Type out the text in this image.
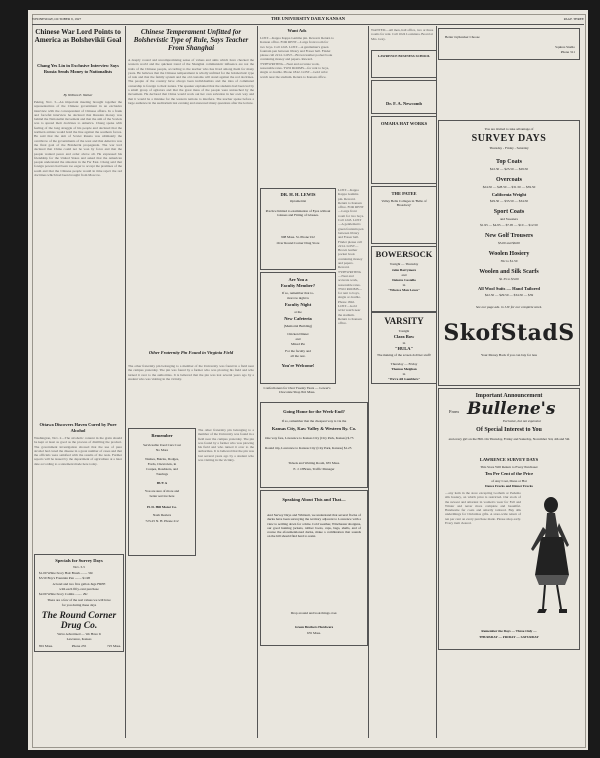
WEDNESDAY, OCTOBER 9, 1927	THE UNIVERSITY DAILY KANSAN	PAGE THREE
Chinese War Lord Points to America as Bolshevikii Goal
Chang Yes Lin in Exclusive Interview Says Russia Sends Money to Nationalists
By William E. Walker
Peking, Nov. 3—An important meeting brought together the representatives of the Chinese government in an exclusive interview with the correspondent of Chinese affairs. In a frank and forceful interview he declared that Russian money was behind the Nationalist movement and that the aim of the Soviets was to spread their doctrines to America. Chang spoke with feeling of the long struggle of his people and declared that the northern armies would hold the line against the southern forces. He said that the aim of Soviet Russia was ultimately the overthrow of the governments of the west and that America was the final goal of the Bolshevik propaganda. The war lord declared that China could not be won by force and that the people wanted peace and order above all. He expressed his friendship for the United States and asked that the American people understand the situation in the Far East. Chang said that foreign powers had been too eager to accept the promises of the south and that the Chinese people would in time reject the red doctrines which had been brought from Moscow.
Ottawa Discovers Haven Cured by Pure Alcohol
Washington, Nov. 2—The alcoholic content in the grain should be kept at least as good as the process of distilling the product. The government investigation showed that the use of pure alcohol had cured the disease in a great number of cases and that the officials were satisfied with the results of the tests. Further reports will be issued by the department of agriculture at a later date according to a statement made here today.
Specials for Survey Days
Nov. 3-5
$1.00 White Ivory Hair Brush ........ 59c
$3.50 Boy's Fountain Pen ........ $1.98
A bond and two five gallon Jugs FREE
with each fifty-cent purchase
$2.00 White Ivory Combs ........ 29c
There are a few of the real values we will have
for you during these days
The Round Corner Drug Co.
We're Advertised — We Have It
Lawrence, Kansas
801 Mass.	Phone 235	725 Mass.
Chinese Temperament Unfitted for Bolshevistic Type of Rule, Says Teacher From Shanghai
A deeply rooted and uncompromising sense of values and aims which have checked the western world and the quickest trend of the Shanghai communistic influence are not the traits of the Chinese people, according to the teacher who has lived among them for many years. He believes that the Chinese temperament is wholly unfitted for the bolshevistic type of rule and that the family system and the old customs will stand against the red doctrines. The people of the country have always been individualists and the idea of communal ownership is foreign to their nature. The speaker explained that the students had been led by a small group of agitators and that the great mass of the people were untouched by the movement. He declared that China would work out her own salvation in her own way and that it would be a mistake for the western nations to interfere. The teacher spoke before a large audience in the auditorium last evening and answered many questions after the lecture.
Other Fraternity Pin Found in Virginia Field
The other fraternity pin belonging to a member of the University was found in a field near the campus yesterday. The pin was found by a farmer who was plowing his field and who turned it over to the authorities. It is believed that the pin was lost several years ago by a student who was visiting in the vicinity.
Remember
Serviceable Used Cars Cost
No More
Nashes, Buicks, Dodges,
Fords, Chevrolets, in
Coupes, Roadsters, and
Tourings
BUY A
You are sure of more and
better service here
H. D. Hill Motor Co.
Nash Dealers
723-25 N. H. Phone 212
The other fraternity pin belonging to a member of the University was found in a field near the campus yesterday. The pin was found by a farmer who was plowing his field and who turned it over to the authorities. It is believed that the pin was lost several years ago by a student who was visiting in the vicinity.
Want Ads
LOST—Kappa Kappa Gamma pin. Reward. Return to Kansan office. FOR RENT—Large front room for two boys. Call 1243. LOST—A gentleman's green fountain pen between library and Fraser hall. Finder please call 2214. LOST—Brown leather pocket book containing money and papers. Reward. TYPEWRITING—Neat and accurate work, reasonable rates. TWO ROOMS—for rent to boys, single or double. Phone 1842. LOST—Gold wrist watch near the stadium. Return to Kansan office.
DR. H. H. LEWIS
Optometrist
Practice limited to examination of Eyes without Glasses and Fitting of Glasses.
908 Mass. St. Phone 912
Over Round Corner Drug Store
Are You a
Faculty Member?
If so, remember that to-
morrow night is
Faculty Night
at the
New Cafeteria
(Memorial Building)
Chicken Dinner
and
Mixed Pie
For the faculty and
all the rest.
You're Welcome!
Confectioners for Over Twenty Years — Gower's Chocolate Shop 841 Mass.
LOST—Kappa Kappa Gamma pin. Reward. Return to Kansan office. FOR RENT—Large front room for two boys. Call 1243. LOST—A gentleman's green fountain pen between library and Fraser hall. Finder please call 2214. LOST—Brown leather pocket book containing money and papers. Reward. TYPEWRITING—Neat and accurate work, reasonable rates. TWO ROOMS—for rent to boys, single or double. Phone 1842. LOST—Gold wrist watch near the stadium. Return to Kansan office.
Going Home for the Week-End?
If so, remember that the cheapest way is via the
Kansas City, Kaw Valley & Western Ry. Co.
One way fare, Lawrence to Kansas City (City Park, Kansas) $.73
Round trip, Lawrence to Kansas City (City Park, Kansas) $1.25
Tickets and Waiting Room, 635 Mass.
E. J. O'Brien, Traffic Manager
Speaking About This and That—
And Survey Days and Whitsuit, we understand that several flocks of ducks have been surveying the territory adjacent to Lawrence with a view to settling down for a time. Cold weather, Winchester shotguns, our good hunting jackets, rubber boots, caps, bags, shells, and of course the aforementioned ducks, make a combination that sounds on the hill should find hard to resist.
Drop around and look things over.
Green Brothers Hardware
635 Mass.
WANTED—All men, hall office, two or three rooms for rent. Call 1024 Louisiana. Board at Mrs. Gray.
LAWRENCE BUSINESS SCHOOL
Dr. F. A. Newcomb
OMAHA HAT WORKS
THE PATEE
Valley Belle Colleges in 'Belle of Broadway'
BOWERSOCK
Tonight — Thursday
John Barrymore
and
Dolores Costello
in
"When a Man Loves"
VARSITY
Tonight
Clara Bow
in
"HULA"
The making of the screen doll her stuff!
Thursday — Friday
Thomas Meighan
in
"We're All Gamblers"
Better Jayhawker Choose
Squires Studio
Phone 311
You are invited to take advantage of
SURVEY DAYS
Thursday - Friday - Saturday
Top Coats
$22.50 — $25.50 — $29.50
Overcoats
$24.50 — $28.50 — $31.50 — $39.50
California Weight
$29.50 — $33.50 — $34.50
Sport Coats
and Sweaters
$1.95 — $4.95 — $7.95 — $10 — $12.50
New Golf Trousers
$5.00 and $6.00
Woolen Hosiery
39c to $1.50
Woolen and Silk Scarfs
$1.35 to $3.00
All Wool Suits — Hand Tailored
$22.50 — $29.50 — $34.50 — $39
See our page ads. in J-W for our complete stock.
SkofStadS
Your Money Back if you can buy for less
Important Announcement
From Bullene's
Exclusive, but not expensive
Of Special Interest to You
and every girl on the Hill. On Thursday, Friday and Saturday, November 3rd, 4th and 5th
LAWRENCE SURVEY DAYS
This Store Will Return to Every Purchaser
Ten Per Cent of the Price
of Any Coat, Dress or Hat
Dance Frocks and Dinner Frocks
—any item in the store excepting Gorham or Pedemo silk hosiery, on which price is restricted. Our stock of the newest and smartest in women's wear for Fall and Winter and never more complete and beautiful. Handsome fur coats and smartly tailored. Buy silk underthings for Christmas gifts. A store-wide return of ten per cent on every purchase made. Please shop early. Every item cleared.
Remember the Days — Three Only —
THURSDAY — FRIDAY — SATURDAY
